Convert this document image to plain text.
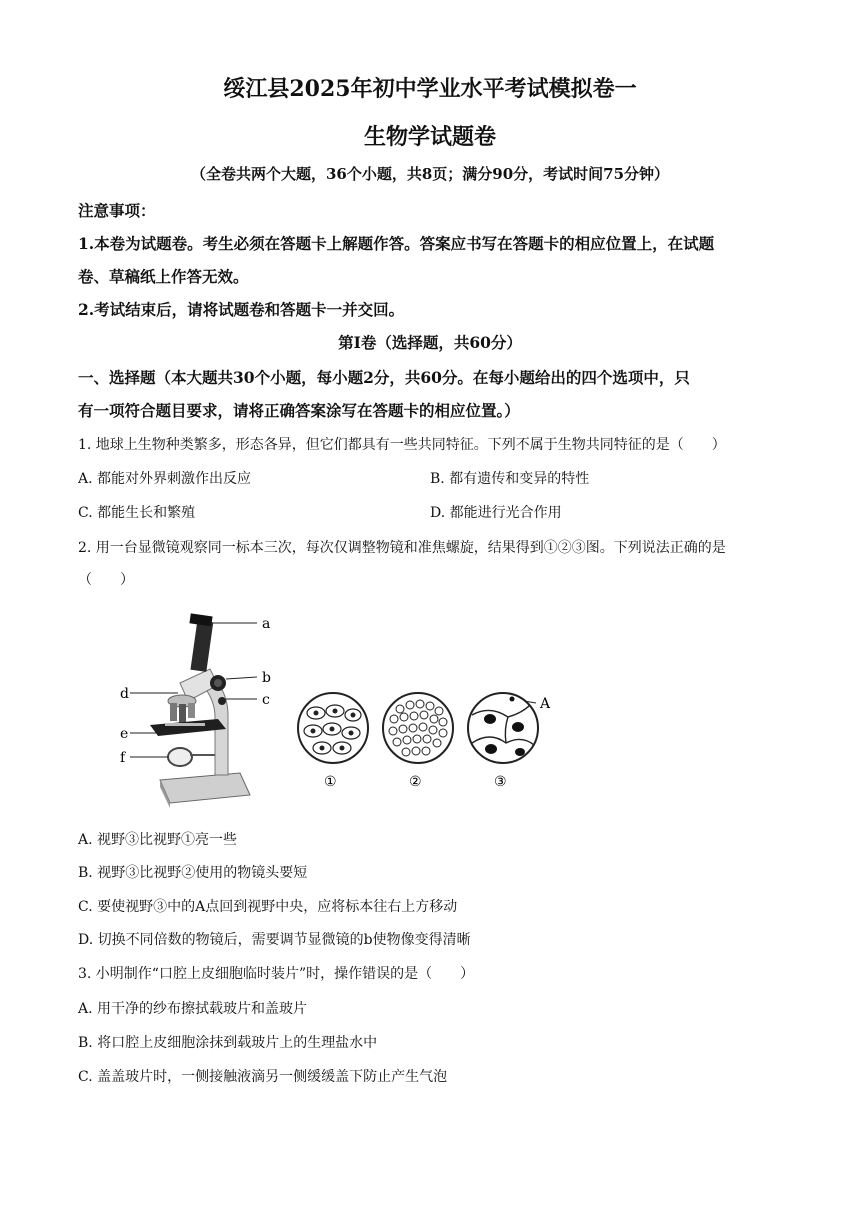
绥江县2025年初中学业水平考试模拟卷一
生物学试题卷
（全卷共两个大题，36个小题，共8页；满分90分，考试时间75分钟）
注意事项：
1.本卷为试题卷。考生必须在答题卡上解题作答。答案应书写在答题卡的相应位置上，在试题
卷、草稿纸上作答无效。
2.考试结束后，请将试题卷和答题卡一并交回。
第Ⅰ卷（选择题，共60分）
一、选择题（本大题共30个小题，每小题2分，共60分。在每小题给出的四个选项中，只
有一项符合题目要求，请将正确答案涂写在答题卡的相应位置。）
1. 地球上生物种类繁多，形态各异，但它们都具有一些共同特征。下列不属于生物共同特征的是（　　）
A. 都能对外界刺激作出反应	B. 都有遗传和变异的特性
C. 都能生长和繁殖	D. 都能进行光合作用
2. 用一台显微镜观察同一标本三次，每次仅调整物镜和准焦螺旋，结果得到①②③图。下列说法正确的是
（　　）
a
b
c
d
e
f
A
①	②	③
A. 视野③比视野①亮一些
B. 视野③比视野②使用的物镜头要短
C. 要使视野③中的A点回到视野中央，应将标本往右上方移动
D. 切换不同倍数的物镜后，需要调节显微镜的b使物像变得清晰
3. 小明制作“口腔上皮细胞临时装片”时，操作错误的是（　　）
A. 用干净的纱布擦拭载玻片和盖玻片
B. 将口腔上皮细胞涂抹到载玻片上的生理盐水中
C. 盖盖玻片时，一侧接触液滴另一侧缓缓盖下防止产生气泡
